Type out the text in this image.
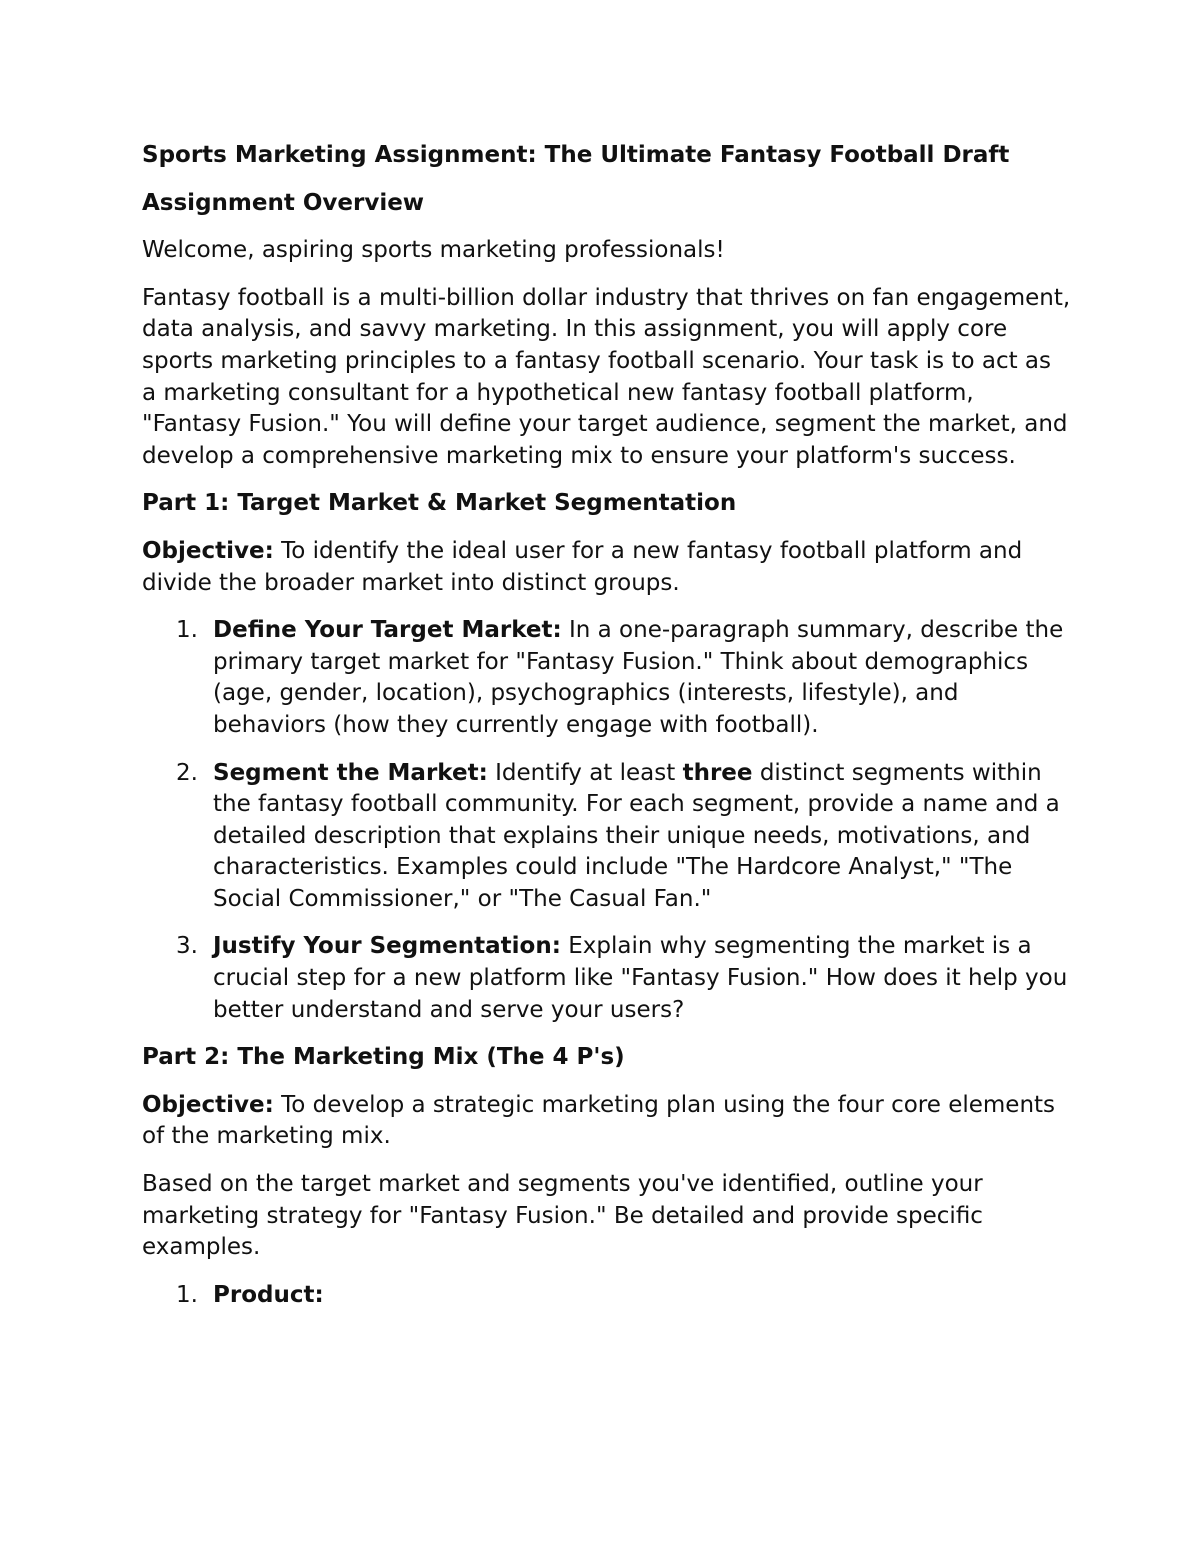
Sports Marketing Assignment: The Ultimate Fantasy Football Draft

Assignment Overview

Welcome, aspiring sports marketing professionals!

Fantasy football is a multi-billion dollar industry that thrives on fan engagement, data analysis, and savvy marketing. In this assignment, you will apply core sports marketing principles to a fantasy football scenario. Your task is to act as a marketing consultant for a hypothetical new fantasy football platform, "Fantasy Fusion." You will define your target audience, segment the market, and develop a comprehensive marketing mix to ensure your platform's success.

Part 1: Target Market & Market Segmentation

Objective: To identify the ideal user for a new fantasy football platform and divide the broader market into distinct groups.

1. Define Your Target Market: In a one-paragraph summary, describe the primary target market for "Fantasy Fusion." Think about demographics (age, gender, location), psychographics (interests, lifestyle), and behaviors (how they currently engage with football).
2. Segment the Market: Identify at least three distinct segments within the fantasy football community. For each segment, provide a name and a detailed description that explains their unique needs, motivations, and characteristics. Examples could include "The Hardcore Analyst," "The Social Commissioner," or "The Casual Fan."
3. Justify Your Segmentation: Explain why segmenting the market is a crucial step for a new platform like "Fantasy Fusion." How does it help you better understand and serve your users?

Part 2: The Marketing Mix (The 4 P's)

Objective: To develop a strategic marketing plan using the four core elements of the marketing mix.

Based on the target market and segments you've identified, outline your marketing strategy for "Fantasy Fusion." Be detailed and provide specific examples.

1. Product:
